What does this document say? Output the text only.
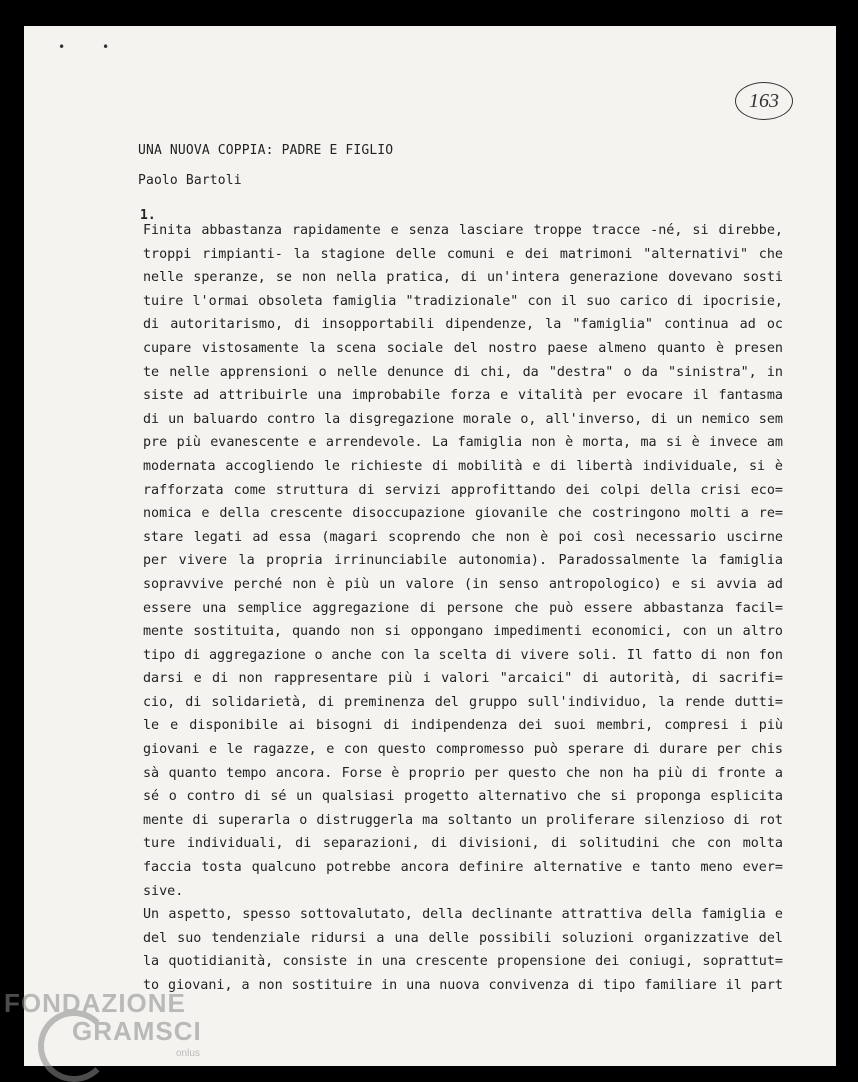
•	•
163
UNA NUOVA COPPIA: PADRE E FIGLIO
Paolo Bartoli
1.
Finita abbastanza rapidamente e senza lasciare troppe tracce -né, si direbbe,
troppi rimpianti- la stagione delle comuni e dei matrimoni "alternativi" che
nelle speranze, se non nella pratica, di un'intera generazione dovevano sosti
tuire l'ormai obsoleta famiglia "tradizionale" con il suo carico di ipocrisie,
di autoritarismo, di insopportabili dipendenze, la "famiglia" continua ad oc
cupare vistosamente la scena sociale del nostro paese almeno quanto è presen
te nelle apprensioni o nelle denunce di chi, da "destra" o da "sinistra", in
siste ad attribuirle una improbabile forza e vitalità per evocare il fantasma
di un baluardo contro la disgregazione morale o, all'inverso, di un nemico sem
pre più evanescente e arrendevole. La famiglia non è morta, ma si è invece am
modernata accogliendo le richieste di mobilità e di libertà individuale, si è
rafforzata come struttura di servizi approfittando dei colpi della crisi eco=
nomica e della crescente disoccupazione giovanile che costringono molti a re=
stare legati ad essa (magari scoprendo che non è poi così necessario uscirne
per vivere la propria irrinunciabile autonomia). Paradossalmente la famiglia
sopravvive perché non è più un valore (in senso antropologico) e si avvia ad
essere una semplice aggregazione di persone che può essere abbastanza facil=
mente sostituita, quando non si oppongano impedimenti economici, con un altro
tipo di aggregazione o anche con la scelta di vivere soli. Il fatto di non fon
darsi e di non rappresentare più i valori "arcaici" di autorità, di sacrifi=
cio, di solidarietà, di preminenza del gruppo sull'individuo, la rende dutti=
le e disponibile ai bisogni di indipendenza dei suoi membri, compresi i più
giovani e le ragazze, e con questo compromesso può sperare di durare per chis
sà quanto tempo ancora. Forse è proprio per questo che non ha più di fronte a
sé o contro di sé un qualsiasi progetto alternativo che si proponga esplicita
mente di superarla o distruggerla ma soltanto un proliferare silenzioso di rot
ture individuali, di separazioni, di divisioni, di solitudini che con molta
faccia tosta qualcuno potrebbe ancora definire alternative e tanto meno ever=
sive.
Un aspetto, spesso sottovalutato, della declinante attrattiva della famiglia e
del suo tendenziale ridursi a una delle possibili soluzioni organizzative del
la quotidianità, consiste in una crescente propensione dei coniugi, soprattut=
to giovani, a non sostituire in una nuova convivenza di tipo familiare il part
FONDAZIONE
GRAMSCI
onlus
